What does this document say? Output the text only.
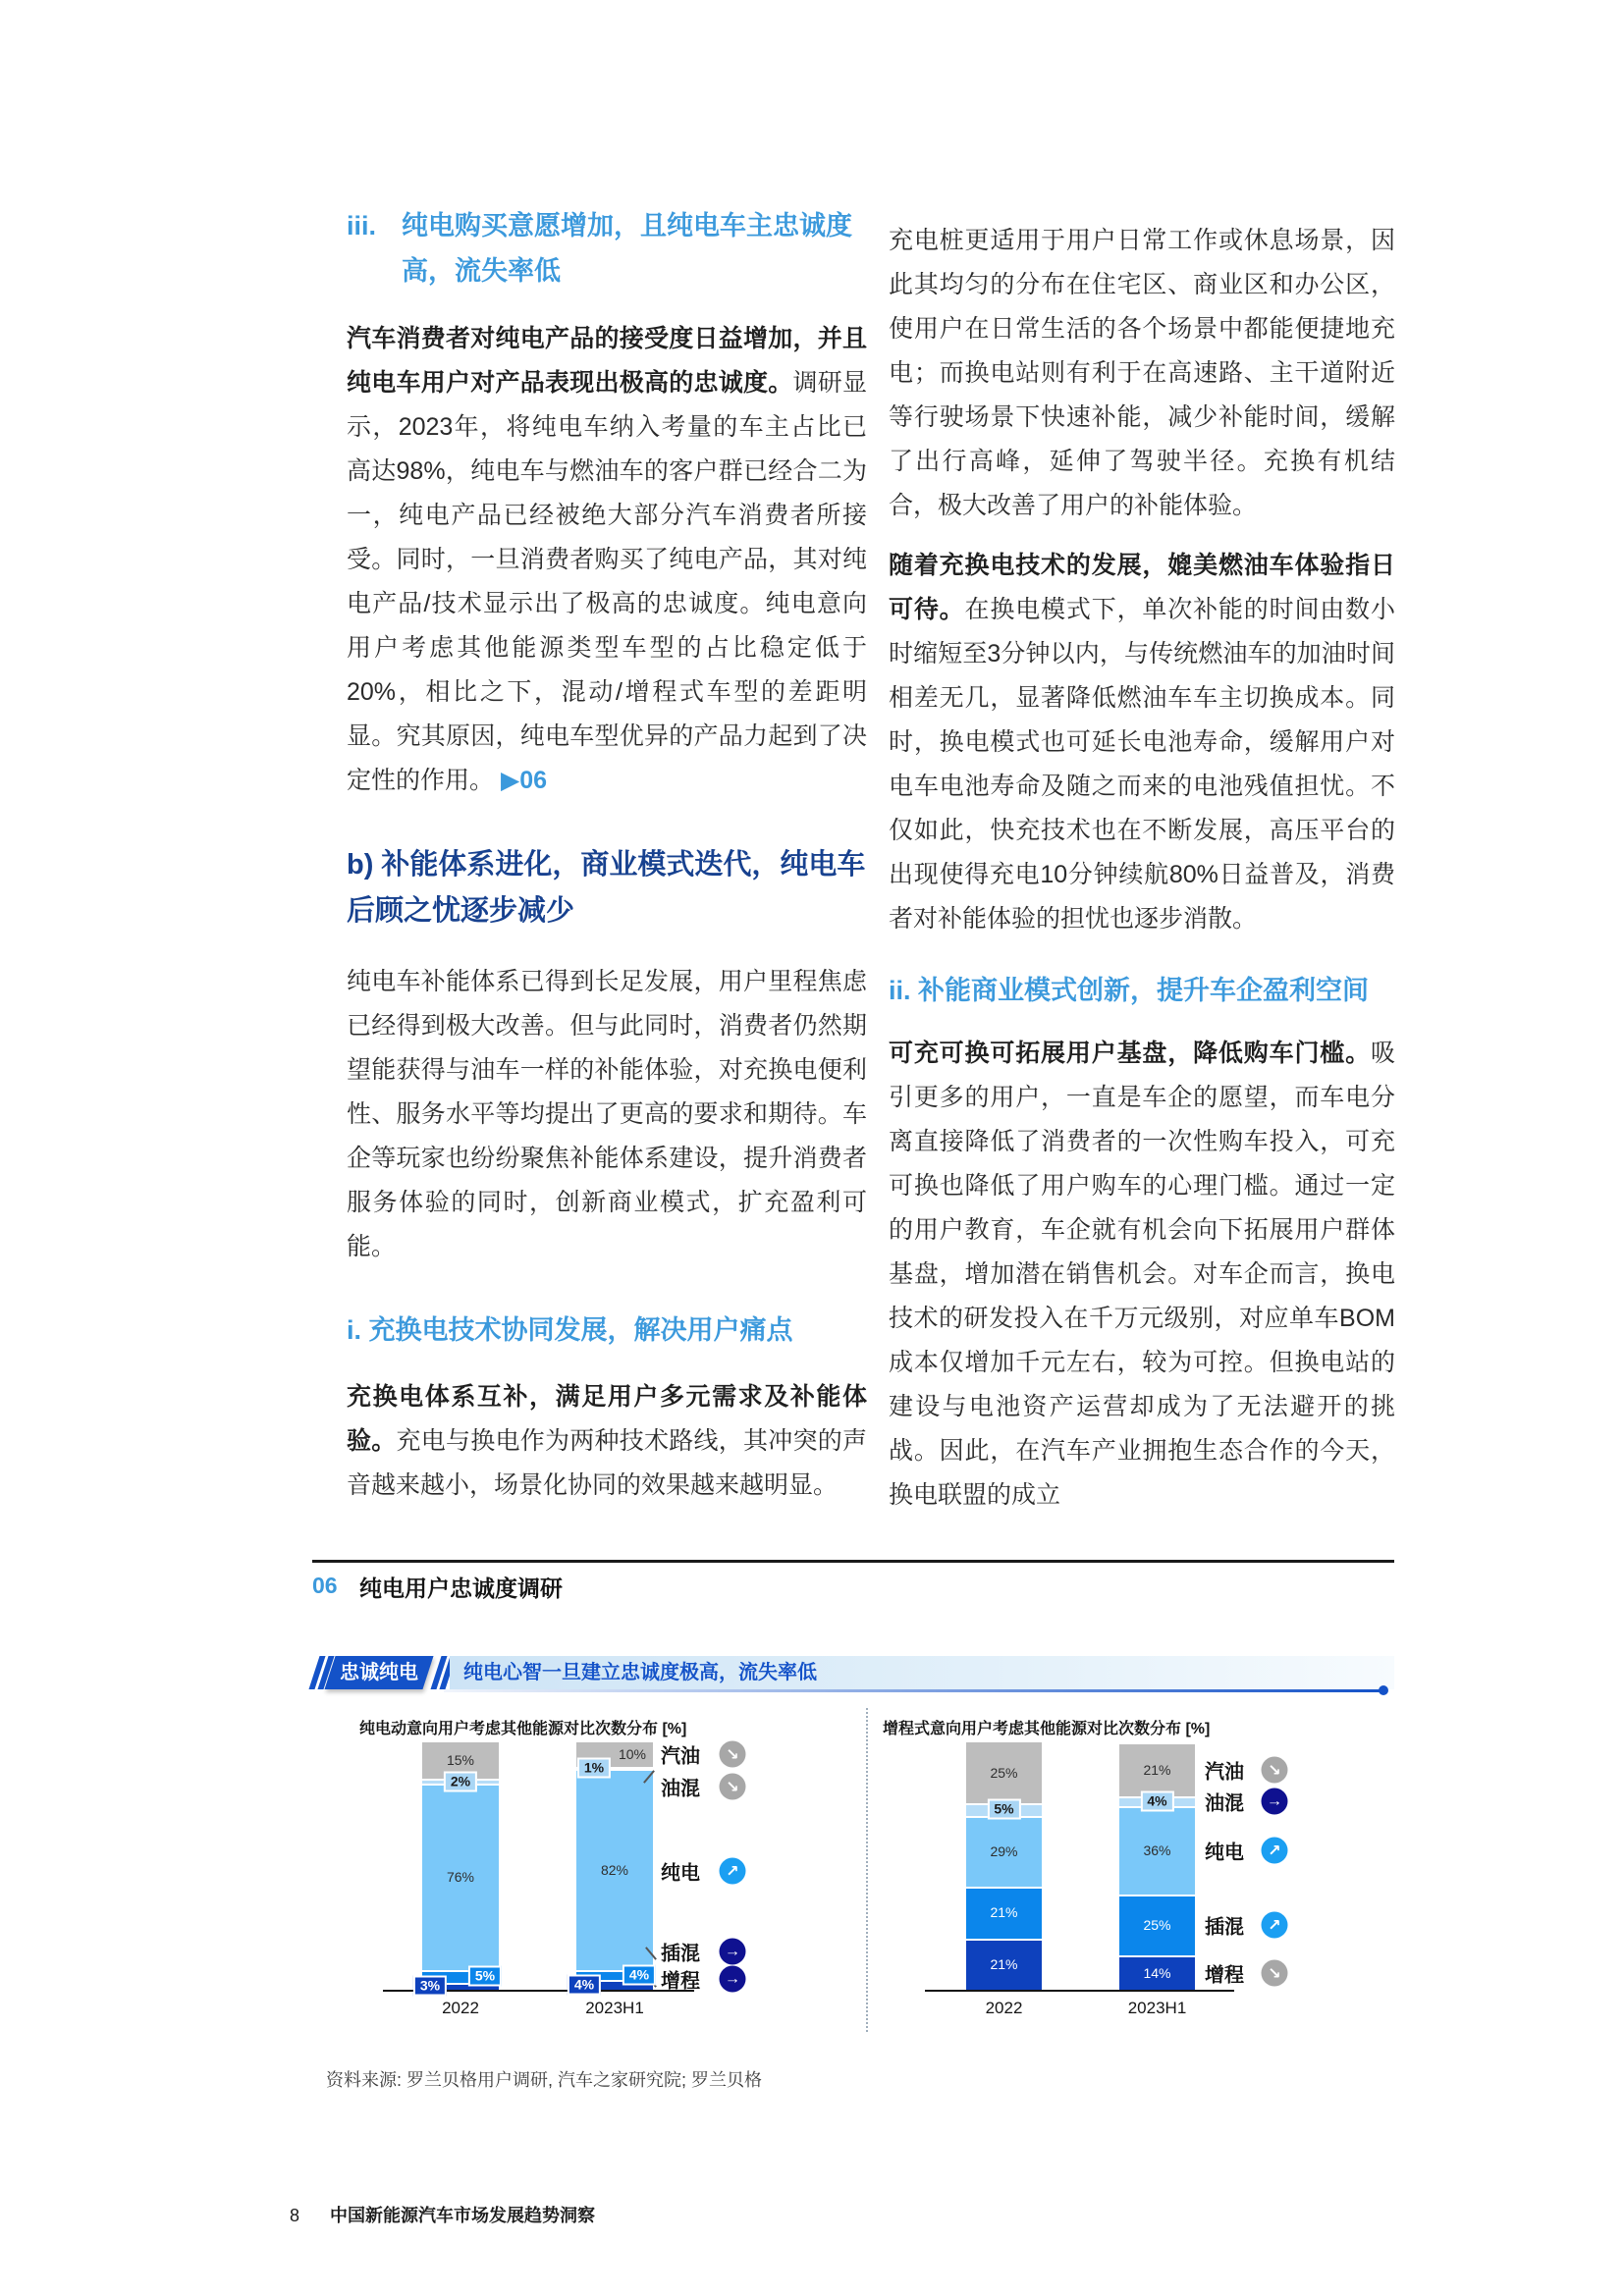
iii. 纯电购买意愿增加，且纯电车主忠诚度高，流失率低

汽车消费者对纯电产品的接受度日益增加，并且纯电车用户对产品表现出极高的忠诚度。调研显示，2023年，将纯电车纳入考量的车主占比已高达98%，纯电车与燃油车的客户群已经合二为一，纯电产品已经被绝大部分汽车消费者所接受。同时，一旦消费者购买了纯电产品，其对纯电产品/技术显示出了极高的忠诚度。纯电意向用户考虑其他能源类型车型的占比稳定低于20%，相比之下，混动/增程式车型的差距明显。究其原因，纯电车型优异的产品力起到了决定性的作用。 ▶06

b) 补能体系进化，商业模式迭代，纯电车后顾之忧逐步减少

纯电车补能体系已得到长足发展，用户里程焦虑已经得到极大改善。但与此同时，消费者仍然期望能获得与油车一样的补能体验，对充换电便利性、服务水平等均提出了更高的要求和期待。车企等玩家也纷纷聚焦补能体系建设，提升消费者服务体验的同时，创新商业模式，扩充盈利可能。

i. 充换电技术协同发展，解决用户痛点

充换电体系互补，满足用户多元需求及补能体验。充电与换电作为两种技术路线，其冲突的声音越来越小，场景化协同的效果越来越明显。

充电桩更适用于用户日常工作或休息场景，因此其均匀的分布在住宅区、商业区和办公区，使用户在日常生活的各个场景中都能便捷地充电；而换电站则有利于在高速路、主干道附近等行驶场景下快速补能，减少补能时间，缓解了出行高峰，延伸了驾驶半径。充换有机结合，极大改善了用户的补能体验。

随着充换电技术的发展，媲美燃油车体验指日可待。在换电模式下，单次补能的时间由数小时缩短至3分钟以内，与传统燃油车的加油时间相差无几，显著降低燃油车车主切换成本。同时，换电模式也可延长电池寿命，缓解用户对电车电池寿命及随之而来的电池残值担忧。不仅如此，快充技术也在不断发展，高压平台的出现使得充电10分钟续航80%日益普及，消费者对补能体验的担忧也逐步消散。

ii. 补能商业模式创新，提升车企盈利空间

可充可换可拓展用户基盘，降低购车门槛。吸引更多的用户，一直是车企的愿望，而车电分离直接降低了消费者的一次性购车投入，可充可换也降低了用户购车的心理门槛。通过一定的用户教育，车企就有机会向下拓展用户群体基盘，增加潜在销售机会。对车企而言，换电技术的研发投入在千万元级别，对应单车BOM成本仅增加千元左右，较为可控。但换电站的建设与电池资产运营却成为了无法避开的挑战。因此，在汽车产业拥抱生态合作的今天，换电联盟的成立

06 纯电用户忠诚度调研
忠诚纯电	纯电心智一旦建立忠诚度极高，流失率低
纯电动意向用户考虑其他能源对比次数分布 [%]
15%
2%
76%
5%
3%
2022
10%
1%
82%
4%
4%
2023H1
汽油	↘
油混	↘
纯电	↗
插混	→
增程	→
增程式意向用户考虑其他能源对比次数分布 [%]
25%
5%
29%
21%
21%
2022
21%
4%
36%
25%
14%
2023H1
汽油	↘
油混	→
纯电	↗
插混	↗
增程	↘
资料来源: 罗兰贝格用户调研, 汽车之家研究院; 罗兰贝格
8 中国新能源汽车市场发展趋势洞察
